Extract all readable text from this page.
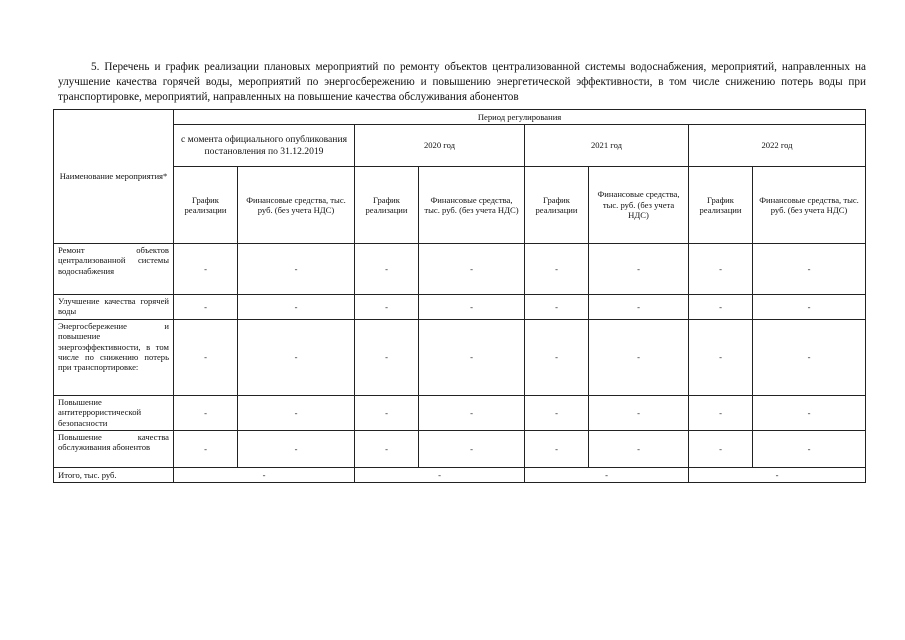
5. Перечень и график реализации плановых мероприятий по ремонту объектов централизованной системы водоснабжения, мероприятий, направленных на улучшение качества горячей воды, мероприятий по энергосбережению и повышению энергетической эффективности, в том числе снижению потерь воды при транспортировке, мероприятий, направленных на повышение качества обслуживания абонентов
Наименование мероприятия*	Период регулирования							
	с момента официального опубликования постановления по 31.12.2019		2020 год		2021 год		2022 год	
	График реализации	Финансовые средства, тыс. руб. (без учета НДС)	График реализации	Финансовые средства, тыс. руб. (без учета НДС)	График реализации	Финансовые средства, тыс. руб. (без учета НДС)	График реализации	Финансовые средства, тыс. руб. (без учета НДС)
Ремонт объектов централизованной системы водоснабжения	-	-	-	-	-	-	-	-
Улучшение качества горячей воды	-	-	-	-	-	-	-	-
Энергосбережение и повышение энергоэффективности, в том числе по снижению потерь при транспортировке:	-	-	-	-	-	-	-	-
Повышение антитеррористической безопасности	-	-	-	-	-	-	-	-
Повышение качества обслуживания абонентов	-	-	-	-	-	-	-	-
Итого, тыс. руб.	-		-		-		-	
